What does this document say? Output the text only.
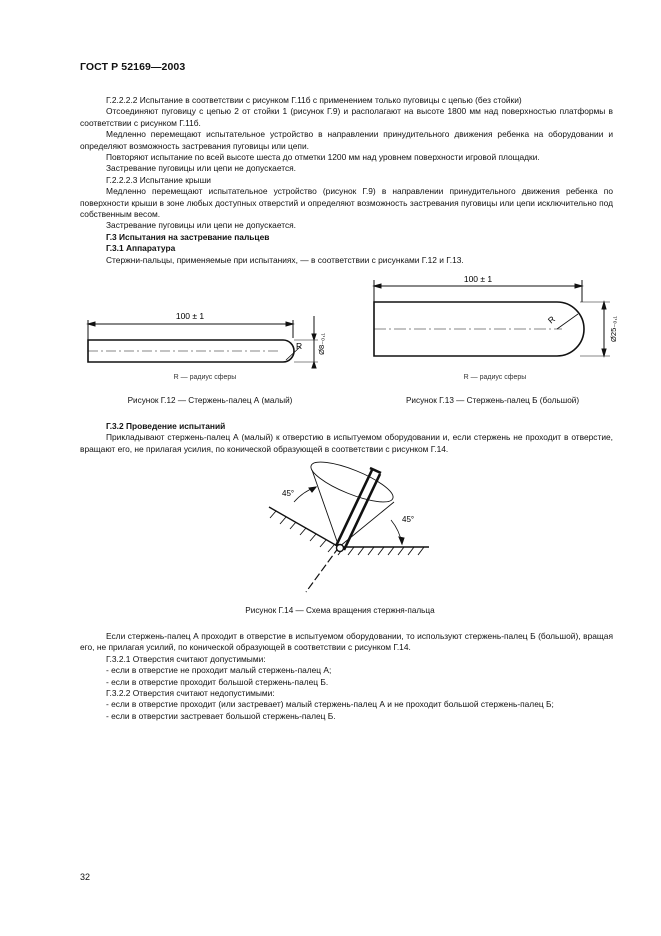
ГОСТ Р 52169—2003

Г.2.2.2.2 Испытание в соответствии с рисунком Г.11б с применением только пуговицы с цепью (без стойки)

Отсоединяют пуговицу с цепью 2 от стойки 1 (рисунок Г.9) и располагают на высоте 1800 мм над поверхностью платформы в соответствии с рисунком Г.11б.

Медленно перемещают испытательное устройство в направлении принудительного движения ребенка на оборудовании и определяют возможность застревания пуговицы или цепи.

Повторяют испытание по всей высоте шеста до отметки 1200 мм над уровнем поверхности игровой площадки.

Застревание пуговицы или цепи не допускается.

Г.2.2.2.3 Испытание крыши

Медленно перемещают испытательное устройство (рисунок Г.9) в направлении принудительного движения ребенка по поверхности крыши в зоне любых доступных отверстий и определяют возможность застревания пуговицы или цепи исключительно под собственным весом.

Застревание пуговицы или цепи не допускается.

Г.3 Испытания на застревание пальцев

Г.3.1 Аппаратура

Стержни-пальцы, применяемые при испытаниях, — в соответствии с рисунками Г.12 и Г.13.

100 ± 1
R Ø8₋₀,₁
R — радиус сферы
Рисунок Г.12 — Стержень-палец А (малый)
100 ± 1
R	Ø25₋₀,₁
R — радиус сферы
Рисунок Г.13 — Стержень-палец Б (большой)

Г.3.2 Проведение испытаний

Прикладывают стержень-палец А (малый) к отверстию в испытуемом оборудовании и, если стержень не проходит в отверстие, вращают его, не прилагая усилия, по конической образующей в соответствии с рисунком Г.14.

45°
45°
Рисунок Г.14 — Схема вращения стержня-пальца

Если стержень-палец А проходит в отверстие в испытуемом оборудовании, то используют стержень-палец Б (большой), вращая его, не прилагая усилий, по конической образующей в соответствии с рисунком Г.14.

Г.3.2.1 Отверстия считают допустимыми:

- если в отверстие не проходит малый стержень-палец А;

- если в отверстие проходит большой стержень-палец Б.

Г.3.2.2 Отверстия считают недопустимыми:

- если в отверстие проходит (или застревает) малый стержень-палец А и не проходит большой стержень-палец Б;

- если в отверстии застревает большой стержень-палец Б.

32
